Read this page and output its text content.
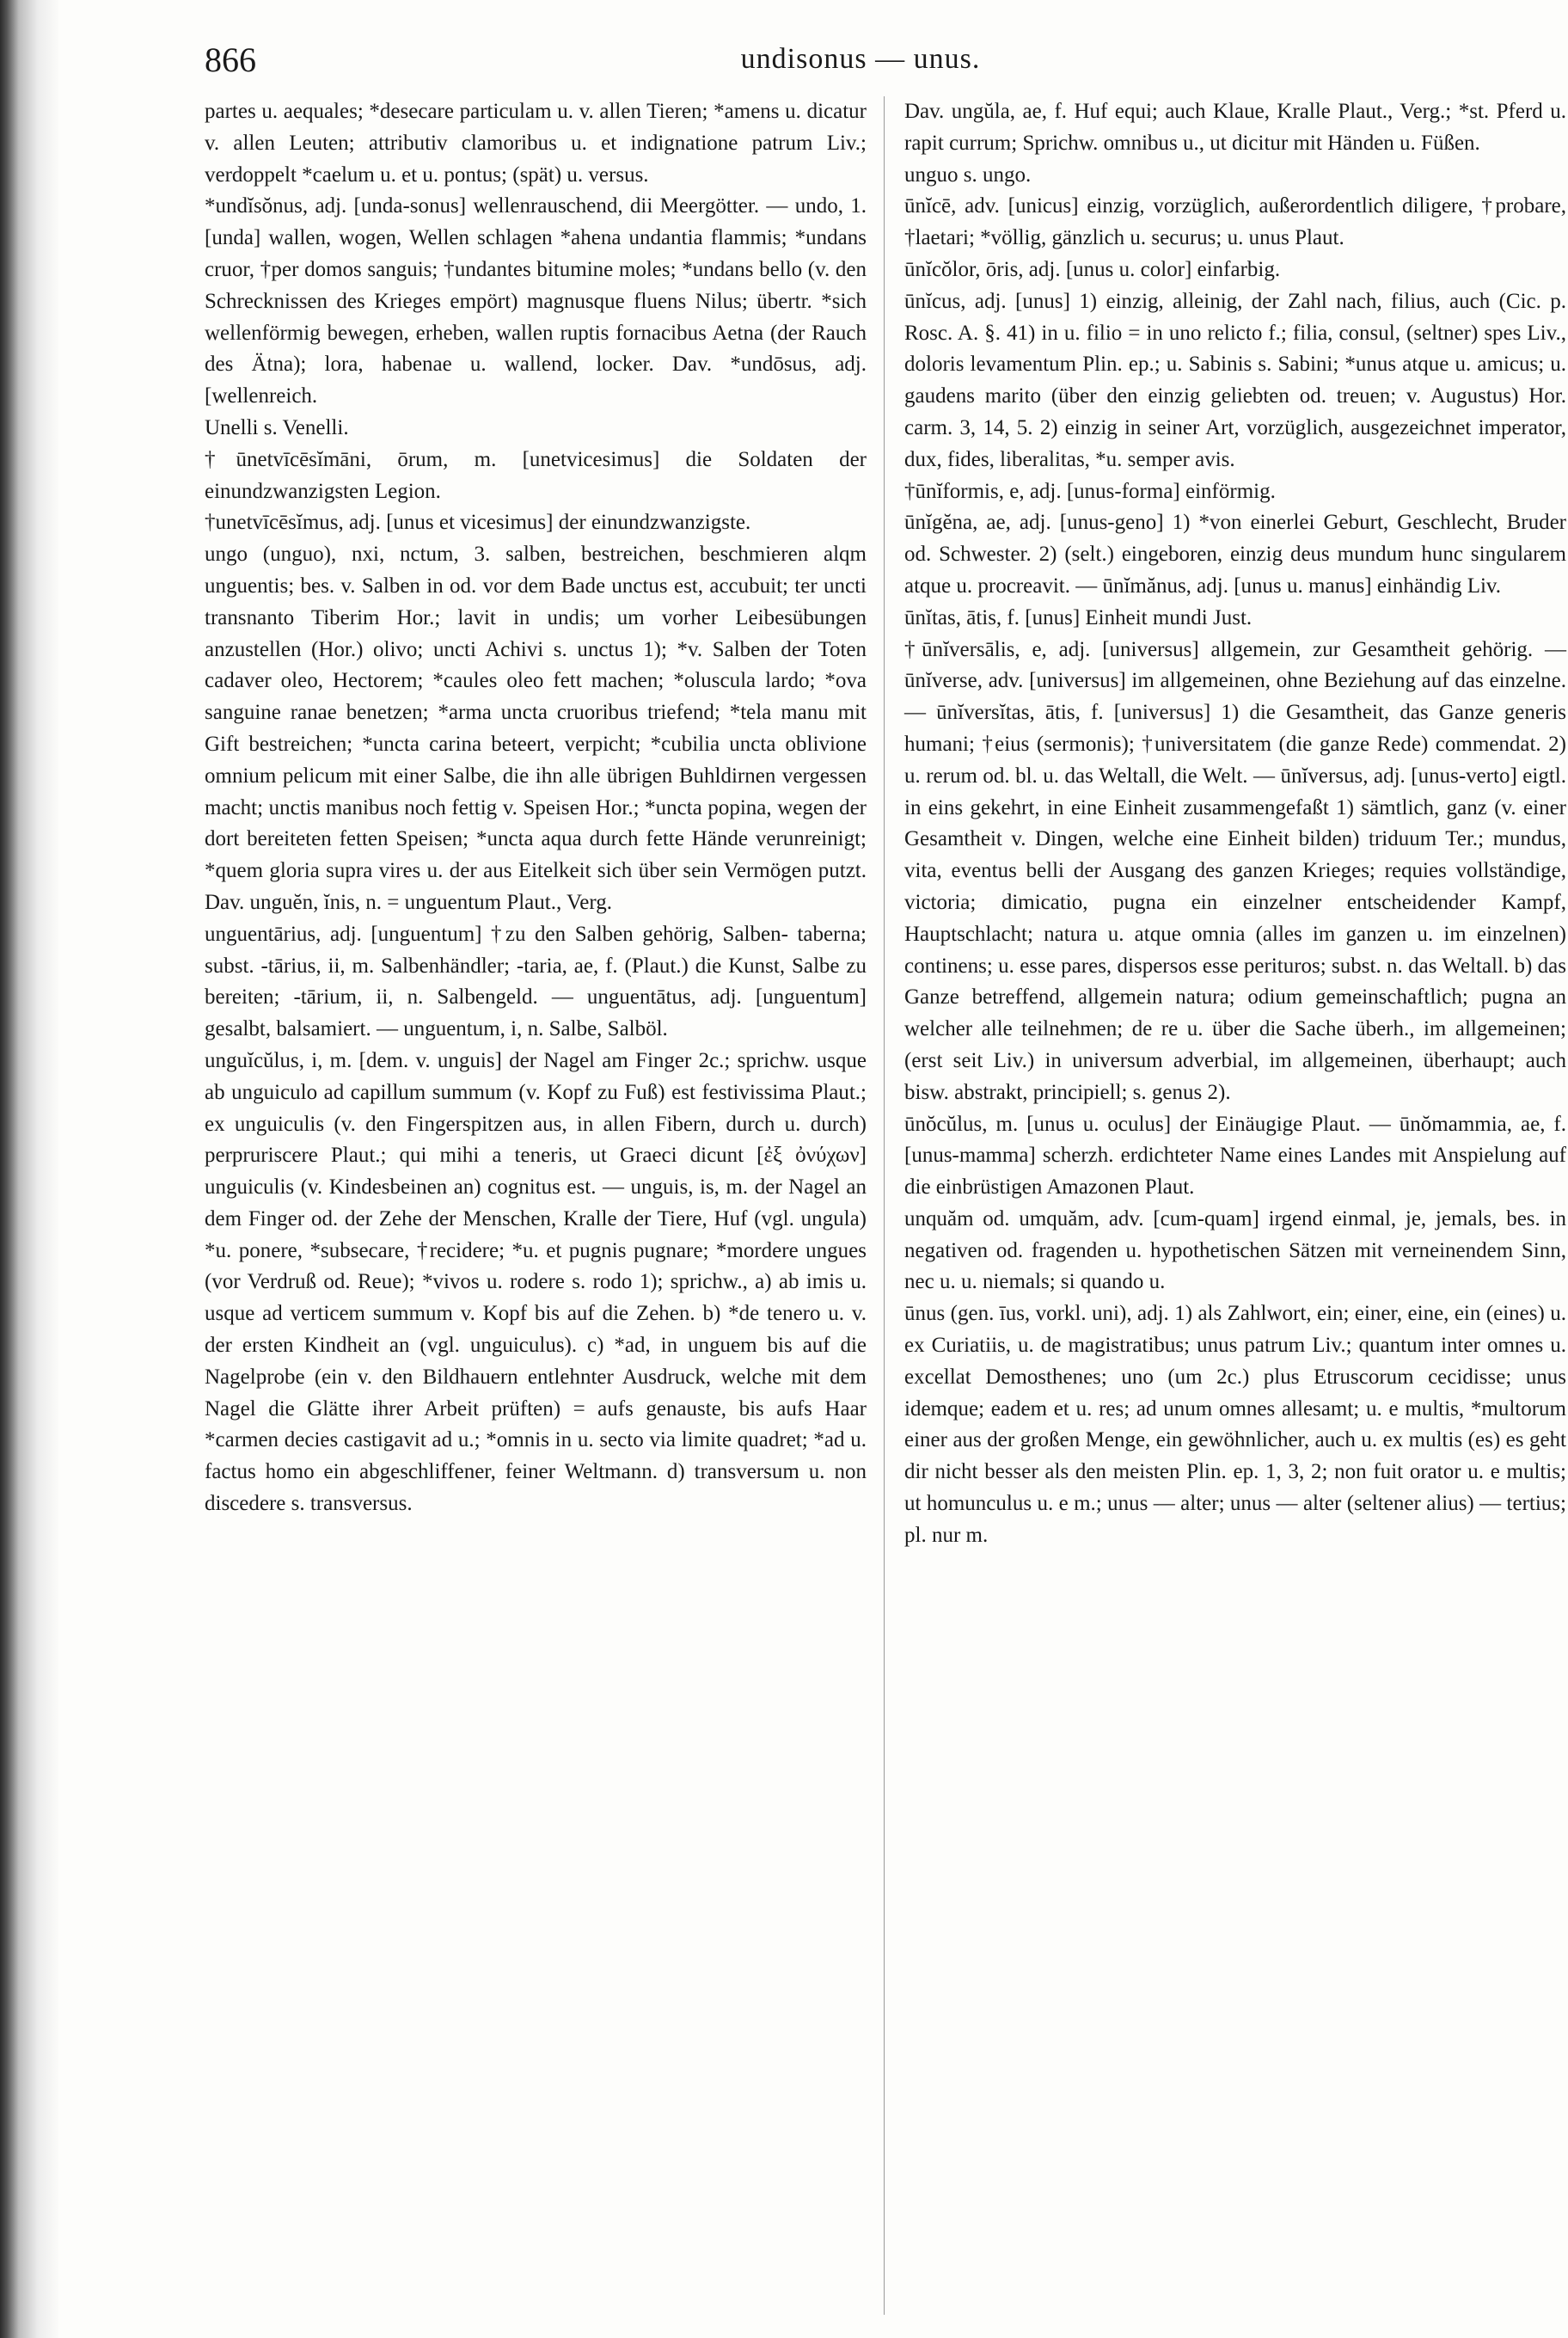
866	undisonus — unus.

partes u. aequales; *desecare particulam u. v. allen Tieren; *amens u. dicatur v. allen Leuten; attributiv clamoribus u. et indignatione patrum Liv.; verdoppelt *caelum u. et u. pontus; (spät) u. versus.

*undĭsŏnus, adj. [unda-sonus] wellenrauschend, dii Meergötter. — undo, 1. [unda] wallen, wogen, Wellen schlagen *ahena undantia flammis; *undans cruor, †per domos sanguis; †undantes bitumine moles; *undans bello (v. den Schrecknissen des Krieges empört) magnusque fluens Nilus; übertr. *sich wellenförmig bewegen, erheben, wallen ruptis fornacibus Aetna (der Rauch des Ätna); lora, habenae u. wallend, locker. Dav. *undōsus, adj. [wellenreich.

Unelli s. Venelli.

†ūnetvīcēsĭmāni, ōrum, m. [unetvicesimus] die Soldaten der einundzwanzigsten Legion.

†unetvīcēsĭmus, adj. [unus et vicesimus] der einundzwanzigste.

ungo (unguo), nxi, nctum, 3. salben, bestreichen, beschmieren alqm unguentis; bes. v. Salben in od. vor dem Bade unctus est, accubuit; ter uncti transnanto Tiberim Hor.; lavit in undis; um vorher Leibesübungen anzustellen (Hor.) olivo; uncti Achivi s. unctus 1); *v. Salben der Toten cadaver oleo, Hectorem; *caules oleo fett machen; *oluscula lardo; *ova sanguine ranae benetzen; *arma uncta cruoribus triefend; *tela manu mit Gift bestreichen; *uncta carina beteert, verpicht; *cubilia uncta oblivione omnium pelicum mit einer Salbe, die ihn alle übrigen Buhldirnen vergessen macht; unctis manibus noch fettig v. Speisen Hor.; *uncta popina, wegen der dort bereiteten fetten Speisen; *uncta aqua durch fette Hände verunreinigt; *quem gloria supra vires u. der aus Eitelkeit sich über sein Vermögen putzt. Dav. unguĕn, ĭnis, n. = unguentum Plaut., Verg.

unguentārius, adj. [unguentum] †zu den Salben gehörig, Salben- taberna; subst. -tārius, ii, m. Salbenhändler; -taria, ae, f. (Plaut.) die Kunst, Salbe zu bereiten; -tārium, ii, n. Salbengeld. — unguentātus, adj. [unguentum] gesalbt, balsamiert. — unguentum, i, n. Salbe, Salböl.

unguĭcŭlus, i, m. [dem. v. unguis] der Nagel am Finger 2c.; sprichw. usque ab unguiculo ad capillum summum (v. Kopf zu Fuß) est festivissima Plaut.; ex unguiculis (v. den Fingerspitzen aus, in allen Fibern, durch u. durch) perpruriscere Plaut.; qui mihi a teneris, ut Graeci dicunt [ἐξ ὀνύχων] unguiculis (v. Kindesbeinen an) cognitus est. — unguis, is, m. der Nagel an dem Finger od. der Zehe der Menschen, Kralle der Tiere, Huf (vgl. ungula) *u. ponere, *subsecare, †recidere; *u. et pugnis pugnare; *mordere ungues (vor Verdruß od. Reue); *vivos u. rodere s. rodo 1); sprichw., a) ab imis u. usque ad verticem summum v. Kopf bis auf die Zehen. b) *de tenero u. v. der ersten Kindheit an (vgl. unguiculus). c) *ad, in unguem bis auf die Nagelprobe (ein v. den Bildhauern entlehnter Ausdruck, welche mit dem Nagel die Glätte ihrer Arbeit prüften) = aufs genauste, bis aufs Haar *carmen decies castigavit ad u.; *omnis in u. secto via limite quadret; *ad u. factus homo ein abgeschliffener, feiner Weltmann. d) transversum u. non discedere s. transversus.

Dav. ungŭla, ae, f. Huf equi; auch Klaue, Kralle Plaut., Verg.; *st. Pferd u. rapit currum; Sprichw. omnibus u., ut dicitur mit Händen u. Füßen.

unguo s. ungo.

ūnĭcē, adv. [unicus] einzig, vorzüglich, außerordentlich diligere, †probare, †laetari; *völlig, gänzlich u. securus; u. unus Plaut.

ūnĭcŏlor, ōris, adj. [unus u. color] einfarbig.

ūnĭcus, adj. [unus] 1) einzig, alleinig, der Zahl nach, filius, auch (Cic. p. Rosc. A. §. 41) in u. filio = in uno relicto f.; filia, consul, (seltner) spes Liv., doloris levamentum Plin. ep.; u. Sabinis s. Sabini; *unus atque u. amicus; u. gaudens marito (über den einzig geliebten od. treuen; v. Augustus) Hor. carm. 3, 14, 5. 2) einzig in seiner Art, vorzüglich, ausgezeichnet imperator, dux, fides, liberalitas, *u. semper avis.

†ūnĭformis, e, adj. [unus-forma] einförmig.

ūnĭgĕna, ae, adj. [unus-geno] 1) *von einerlei Geburt, Geschlecht, Bruder od. Schwester. 2) (selt.) eingeboren, einzig deus mundum hunc singularem atque u. procreavit. — ūnĭmănus, adj. [unus u. manus] einhändig Liv.

ūnĭtas, ātis, f. [unus] Einheit mundi Just.

†ūnĭversālis, e, adj. [universus] allgemein, zur Gesamtheit gehörig. — ūnĭverse, adv. [universus] im allgemeinen, ohne Beziehung auf das einzelne. — ūnĭversĭtas, ātis, f. [universus] 1) die Gesamtheit, das Ganze generis humani; †eius (sermonis); †universitatem (die ganze Rede) commendat. 2) u. rerum od. bl. u. das Weltall, die Welt. — ūnĭversus, adj. [unus-verto] eigtl. in eins gekehrt, in eine Einheit zusammengefaßt 1) sämtlich, ganz (v. einer Gesamtheit v. Dingen, welche eine Einheit bilden) triduum Ter.; mundus, vita, eventus belli der Ausgang des ganzen Krieges; requies vollständige, victoria; dimicatio, pugna ein einzelner entscheidender Kampf, Hauptschlacht; natura u. atque omnia (alles im ganzen u. im einzelnen) continens; u. esse pares, dispersos esse perituros; subst. n. das Weltall. b) das Ganze betreffend, allgemein natura; odium gemeinschaftlich; pugna an welcher alle teilnehmen; de re u. über die Sache überh., im allgemeinen; (erst seit Liv.) in universum adverbial, im allgemeinen, überhaupt; auch bisw. abstrakt, principiell; s. genus 2).

ūnŏcŭlus, m. [unus u. oculus] der Einäugige Plaut. — ūnŏmammia, ae, f. [unus-mamma] scherzh. erdichteter Name eines Landes mit Anspielung auf die einbrüstigen Amazonen Plaut.

unquăm od. umquăm, adv. [cum-quam] irgend einmal, je, jemals, bes. in negativen od. fragenden u. hypothetischen Sätzen mit verneinendem Sinn, nec u. u. niemals; si quando u.

ūnus (gen. īus, vorkl. uni), adj. 1) als Zahlwort, ein; einer, eine, ein (eines) u. ex Curiatiis, u. de magistratibus; unus patrum Liv.; quantum inter omnes u. excellat Demosthenes; uno (um 2c.) plus Etruscorum cecidisse; unus idemque; eadem et u. res; ad unum omnes allesamt; u. e multis, *multorum einer aus der großen Menge, ein gewöhnlicher, auch u. ex multis (es) es geht dir nicht besser als den meisten Plin. ep. 1, 3, 2; non fuit orator u. e multis; ut homunculus u. e m.; unus — alter; unus — alter (seltener alius) — tertius; pl. nur m.
